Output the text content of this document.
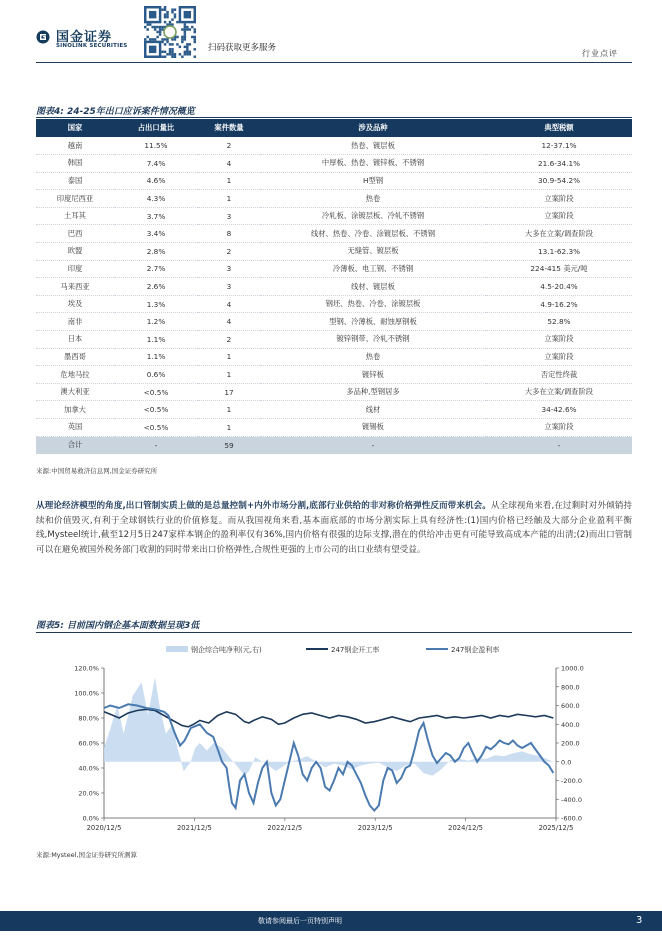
国金证券
SINOLINK SECURITIES	扫码获取更多服务
行业点评
图表4: 24-25年出口应诉案件情况概览
国家	占出口量比	案件数量	涉及品种	典型税额
越南	11.5%	2	热卷、镀层板	12-37.1%
韩国	7.4%	4	中厚板、热卷、镀锌板、不锈钢	21.6-34.1%
泰国	4.6%	1	H型钢	30.9-54.2%
印度尼西亚	4.3%	1	热卷	立案阶段
土耳其	3.7%	3	冷轧板、涂镀层板、冷轧不锈钢	立案阶段
巴西	3.4%	8	线材、热卷、冷卷、涂镀层板、不锈钢	大多在立案/调查阶段
欧盟	2.8%	2	无缝管、镀层板	13.1-62.3%
印度	2.7%	3	冷薄板、电工钢、不锈钢	224-415 美元/吨
马来西亚	2.6%	3	线材、镀层板	4.5-20.4%
埃及	1.3%	4	钢坯、热卷、冷卷、涂镀层板	4.9-16.2%
南非	1.2%	4	型钢、冷薄板、耐蚀厚钢板	52.8%
日本	1.1%	2	镀锌钢带、冷轧不锈钢	立案阶段
墨西哥	1.1%	1	热卷	立案阶段
危地马拉	0.6%	1	镀锌板	否定性终裁
澳大利亚	<0.5%	17	多品种,型钢居多	大多在立案/调查阶段
加拿大	<0.5%	1	线材	34-42.6%
英国	<0.5%	1	镀锡板	立案阶段
合计	-	59	-	-
来源:中国贸易救济信息网,国金证券研究所
从理论经济模型的角度,出口管制实质上做的是总量控制+内外市场分割,底部行业供给的非对称价格弹性反而带来机会。从全球视角来看,在过剩时对外倾销持续和价值毁灭,有利于全球钢铁行业的价值修复。而从我国视角来看,基本面底部的市场分割实际上具有经济性:(1)国内价格已经触及大部分企业盈利平衡线,Mysteel统计,截至12月5日247家样本钢企的盈利率仅有36%,国内价格有很强的边际支撑,潜在的供给冲击更有可能导致高成本产能的出清;(2)而出口管制可以在避免被国外税务部门收割的同时带来出口价格弹性,合规性更强的上市公司的出口业绩有望受益。
图表5: 目前国内钢企基本面数据呈现3低
钢企综合吨净利(元,右)	247钢企开工率	247钢企盈利率
0.0%
20.0%
40.0%
60.0%
80.0%
100.0%
120.0%
-600.0
-400.0
-200.0
0.0
200.0
400.0
600.0
800.0
1000.0
2020/12/5	2021/12/5	2022/12/5	2023/12/5	2024/12/5	2025/12/5
来源:Mysteel,国金证券研究所测算
敬请参阅最后一页特别声明	3
